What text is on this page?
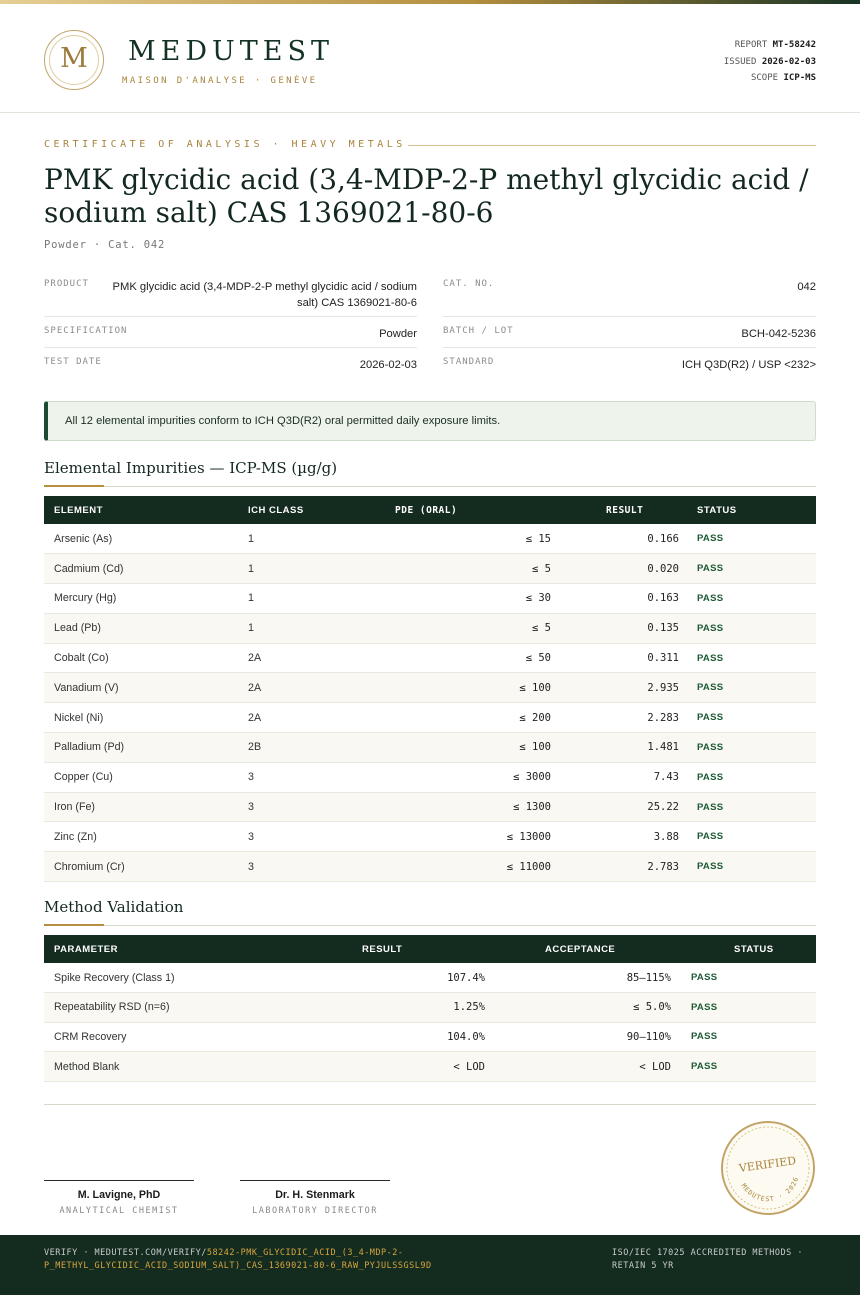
M	MEDUTEST
MAISON D'ANALYSE · GENÈVE
REPORT MT-58242
ISSUED 2026-02-03
SCOPE ICP-MS
CERTIFICATE OF ANALYSIS · HEAVY METALS
PMK glycidic acid (3,4-MDP-2-P methyl glycidic acid / sodium salt) CAS 1369021-80-6
Powder · Cat. 042
PRODUCT	PMK glycidic acid (3,4-MDP-2-P methyl glycidic acid / sodium salt) CAS 1369021-80-6
SPECIFICATION	Powder
TEST DATE	2026-02-03
CAT. NO.	042
BATCH / LOT	BCH-042-5236
STANDARD	ICH Q3D(R2) / USP <232>
All 12 elemental impurities conform to ICH Q3D(R2) oral permitted daily exposure limits.
Elemental Impurities — ICP-MS (µg/g)
ELEMENT	ICH CLASS	PDE (ORAL)	RESULT	STATUS
Arsenic (As)	1	≤ 15	0.166	PASS
Cadmium (Cd)	1	≤ 5	0.020	PASS
Mercury (Hg)	1	≤ 30	0.163	PASS
Lead (Pb)	1	≤ 5	0.135	PASS
Cobalt (Co)	2A	≤ 50	0.311	PASS
Vanadium (V)	2A	≤ 100	2.935	PASS
Nickel (Ni)	2A	≤ 200	2.283	PASS
Palladium (Pd)	2B	≤ 100	1.481	PASS
Copper (Cu)	3	≤ 3000	7.43	PASS
Iron (Fe)	3	≤ 1300	25.22	PASS
Zinc (Zn)	3	≤ 13000	3.88	PASS
Chromium (Cr)	3	≤ 11000	2.783	PASS
Method Validation
PARAMETER	RESULT	ACCEPTANCE	STATUS
Spike Recovery (Class 1)	107.4%	85–115%	PASS
Repeatability RSD (n=6)	1.25%	≤ 5.0%	PASS
CRM Recovery	104.0%	90–110%	PASS
Method Blank	< LOD	< LOD	PASS
M. Lavigne, PhD
ANALYTICAL CHEMIST
Dr. H. Stenmark
LABORATORY DIRECTOR
VERIFIED
MEDUTEST · 2026
VERIFY · MEDUTEST.COM/VERIFY/58242-PMK_GLYCIDIC_ACID_(3_4-MDP-2-P_METHYL_GLYCIDIC_ACID_SODIUM_SALT)_CAS_1369021-80-6_RAW_PYJULSSGSL9D
ISO/IEC 17025 ACCREDITED METHODS · RETAIN 5 YR
